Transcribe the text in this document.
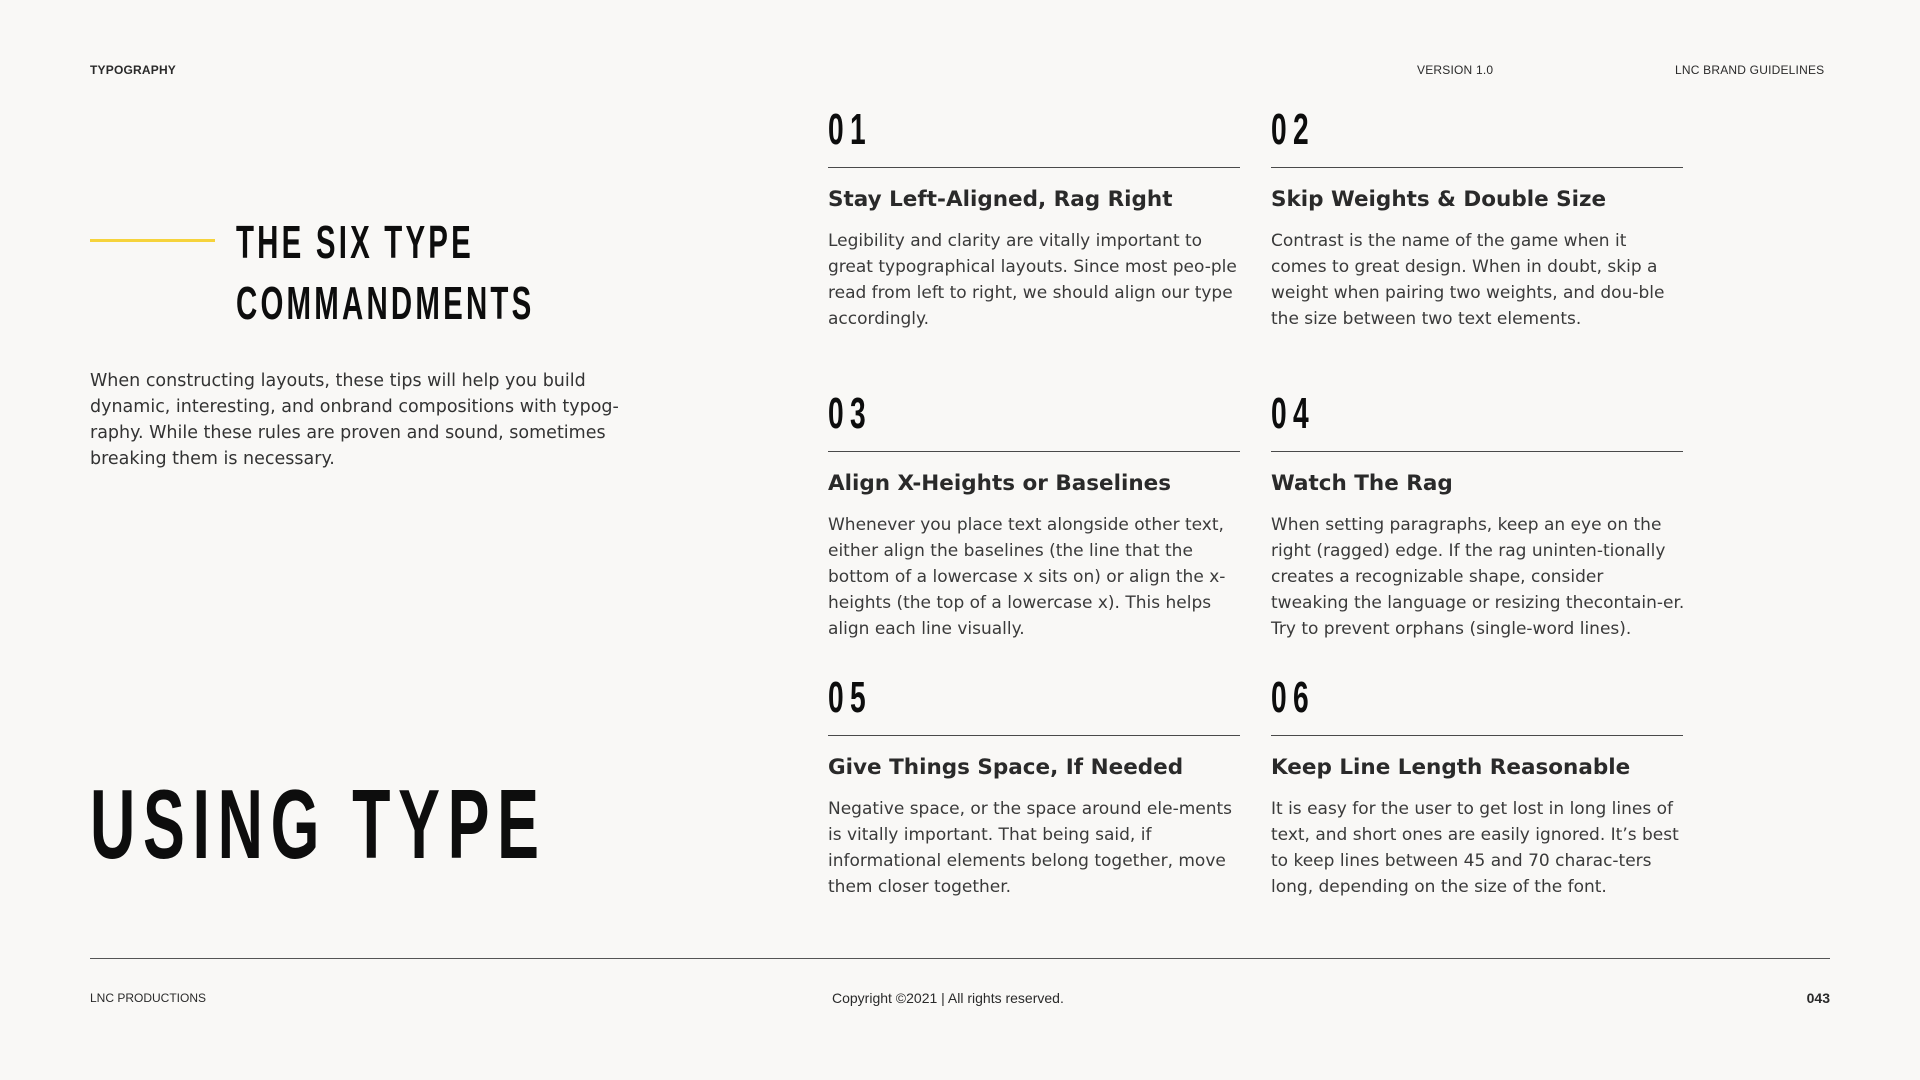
TYPOGRAPHY	VERSION 1.0	LNC BRAND GUIDELINES
THE SIX TYPE
COMMANDMENTS
When constructing layouts, these tips will help you build dynamic, interesting, and onbrand compositions with typog-raphy. While these rules are proven and sound, sometimes breaking them is necessary.
USING TYPE
01
Stay Left-Aligned, Rag Right
Legibility and clarity are vitally important to great typographical layouts. Since most peo-ple read from left to right, we should align our type accordingly.
02
Skip Weights & Double Size
Contrast is the name of the game when it comes to great design. When in doubt, skip a weight when pairing two weights, and dou-ble the size between two text elements.
03
Align X-Heights or Baselines
Whenever you place text alongside other text, either align the baselines (the line that the bottom of a lowercase x sits on) or align the x-heights (the top of a lowercase x). This helps align each line visually.
04
Watch The Rag
When setting paragraphs, keep an eye on the right (ragged) edge. If the rag uninten-tionally creates a recognizable shape, consider tweaking the language or resizing thecontain-er. Try to prevent orphans (single-word lines).
05
Give Things Space, If Needed
Negative space, or the space around ele-ments is vitally important. That being said, if informational elements belong together, move them closer together.
06
Keep Line Length Reasonable
It is easy for the user to get lost in long lines of text, and short ones are easily ignored. It’s best to keep lines between 45 and 70 charac-ters long, depending on the size of the font.
LNC PRODUCTIONS	Copyright ©2021 | All rights reserved.	043
